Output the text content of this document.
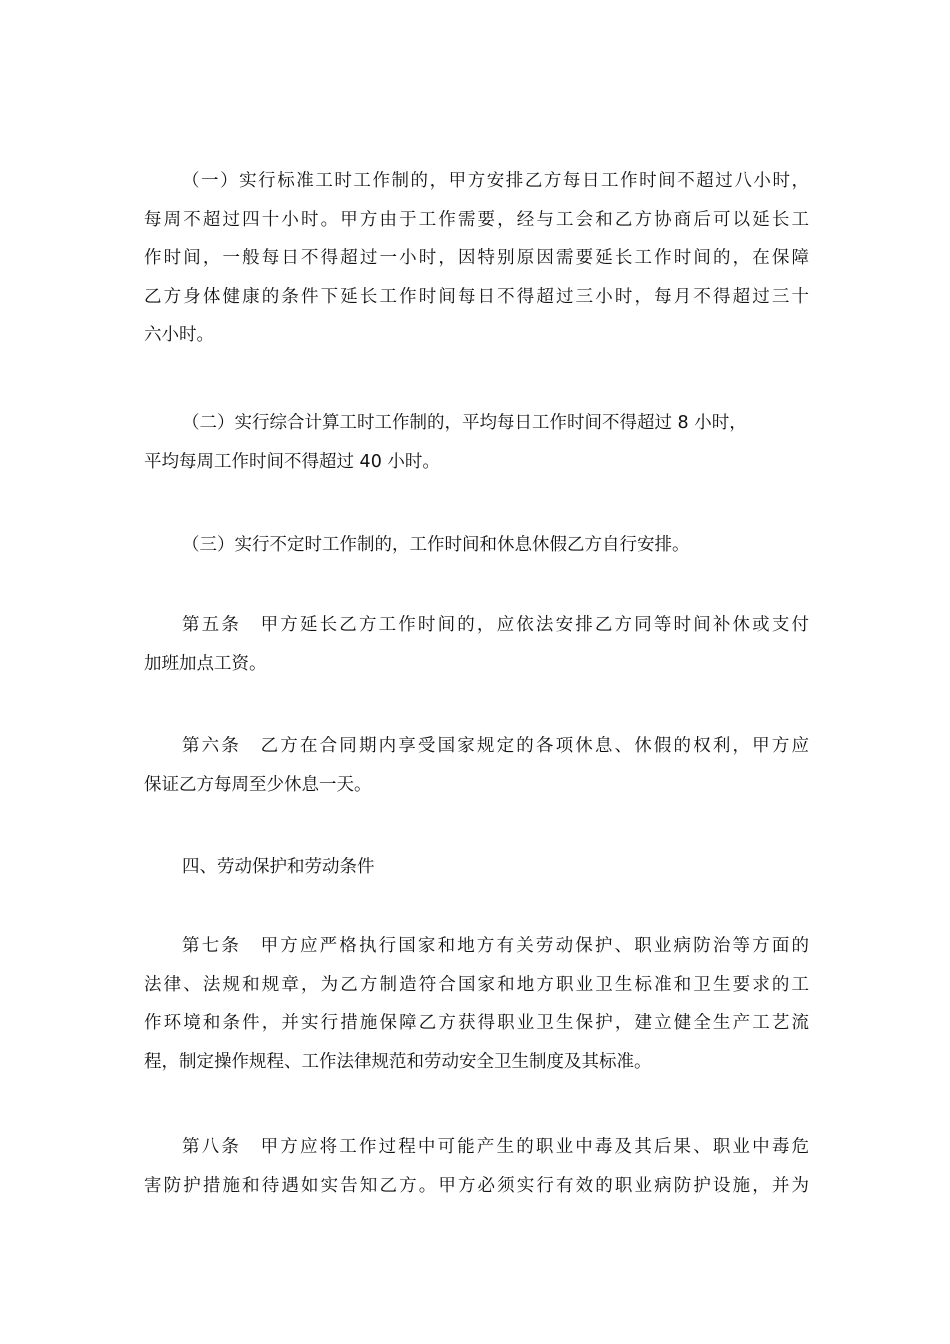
（一）实行标准工时工作制的，甲方安排乙方每日工作时间不超过八小时，
每周不超过四十小时。甲方由于工作需要，经与工会和乙方协商后可以延长工
作时间，一般每日不得超过一小时，因特别原因需要延长工作时间的，在保障
乙方身体健康的条件下延长工作时间每日不得超过三小时，每月不得超过三十
六小时。
（二）实行综合计算工时工作制的，平均每日工作时间不得超过 8 小时，
平均每周工作时间不得超过 40 小时。
（三）实行不定时工作制的，工作时间和休息休假乙方自行安排。
第五条　甲方延长乙方工作时间的，应依法安排乙方同等时间补休或支付
加班加点工资。
第六条　乙方在合同期内享受国家规定的各项休息、休假的权利，甲方应
保证乙方每周至少休息一天。
四、劳动保护和劳动条件
第七条　甲方应严格执行国家和地方有关劳动保护、职业病防治等方面的
法律、法规和规章，为乙方制造符合国家和地方职业卫生标准和卫生要求的工
作环境和条件，并实行措施保障乙方获得职业卫生保护，建立健全生产工艺流
程，制定操作规程、工作法律规范和劳动安全卫生制度及其标准。
第八条　甲方应将工作过程中可能产生的职业中毒及其后果、职业中毒危
害防护措施和待遇如实告知乙方。甲方必须实行有效的职业病防护设施，并为
